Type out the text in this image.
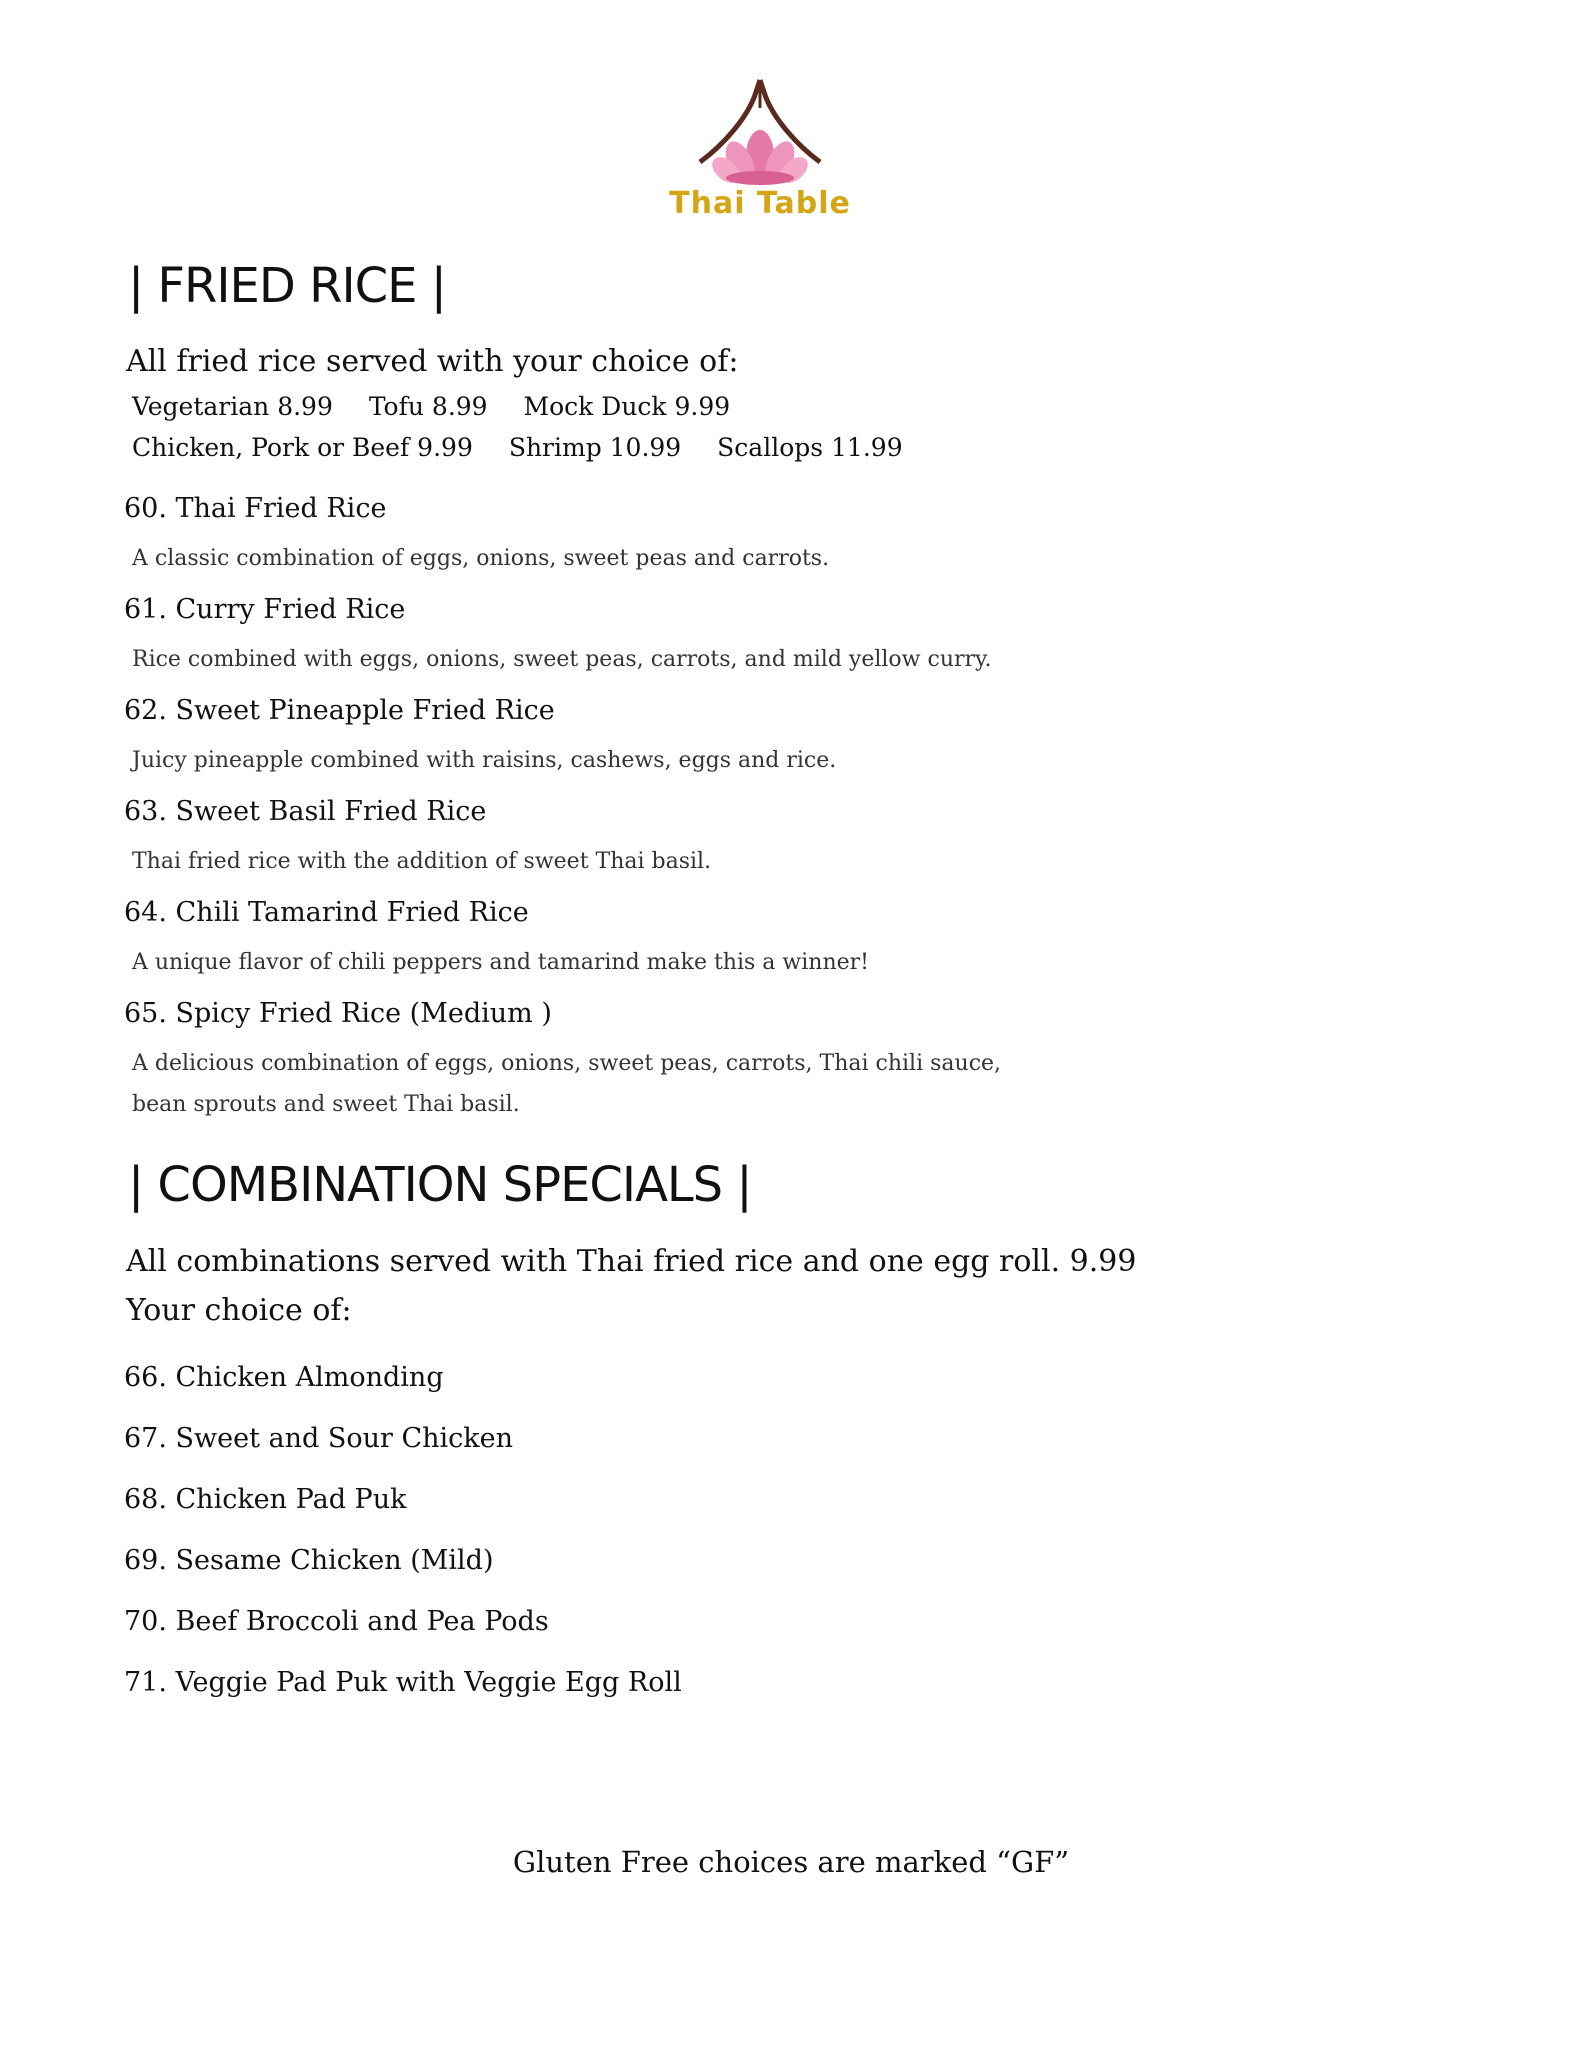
Thai Table
| FRIED RICE |
All fried rice served with your choice of:
Vegetarian 8.99 Tofu 8.99 Mock Duck 9.99
Chicken, Pork or Beef 9.99 Shrimp 10.99 Scallops 11.99
60. Thai Fried Rice
A classic combination of eggs, onions, sweet peas and carrots.
61. Curry Fried Rice
Rice combined with eggs, onions, sweet peas, carrots, and mild yellow curry.
62. Sweet Pineapple Fried Rice
Juicy pineapple combined with raisins, cashews, eggs and rice.
63. Sweet Basil Fried Rice
Thai fried rice with the addition of sweet Thai basil.
64. Chili Tamarind Fried Rice
A unique flavor of chili peppers and tamarind make this a winner!
65. Spicy Fried Rice (Medium )
A delicious combination of eggs, onions, sweet peas, carrots, Thai chili sauce, bean sprouts and sweet Thai basil.
| COMBINATION SPECIALS |
All combinations served with Thai fried rice and one egg roll. 9.99
Your choice of:
66. Chicken Almonding
67. Sweet and Sour Chicken
68. Chicken Pad Puk
69. Sesame Chicken (Mild)
70. Beef Broccoli and Pea Pods
71. Veggie Pad Puk with Veggie Egg Roll
Gluten Free choices are marked “GF”
